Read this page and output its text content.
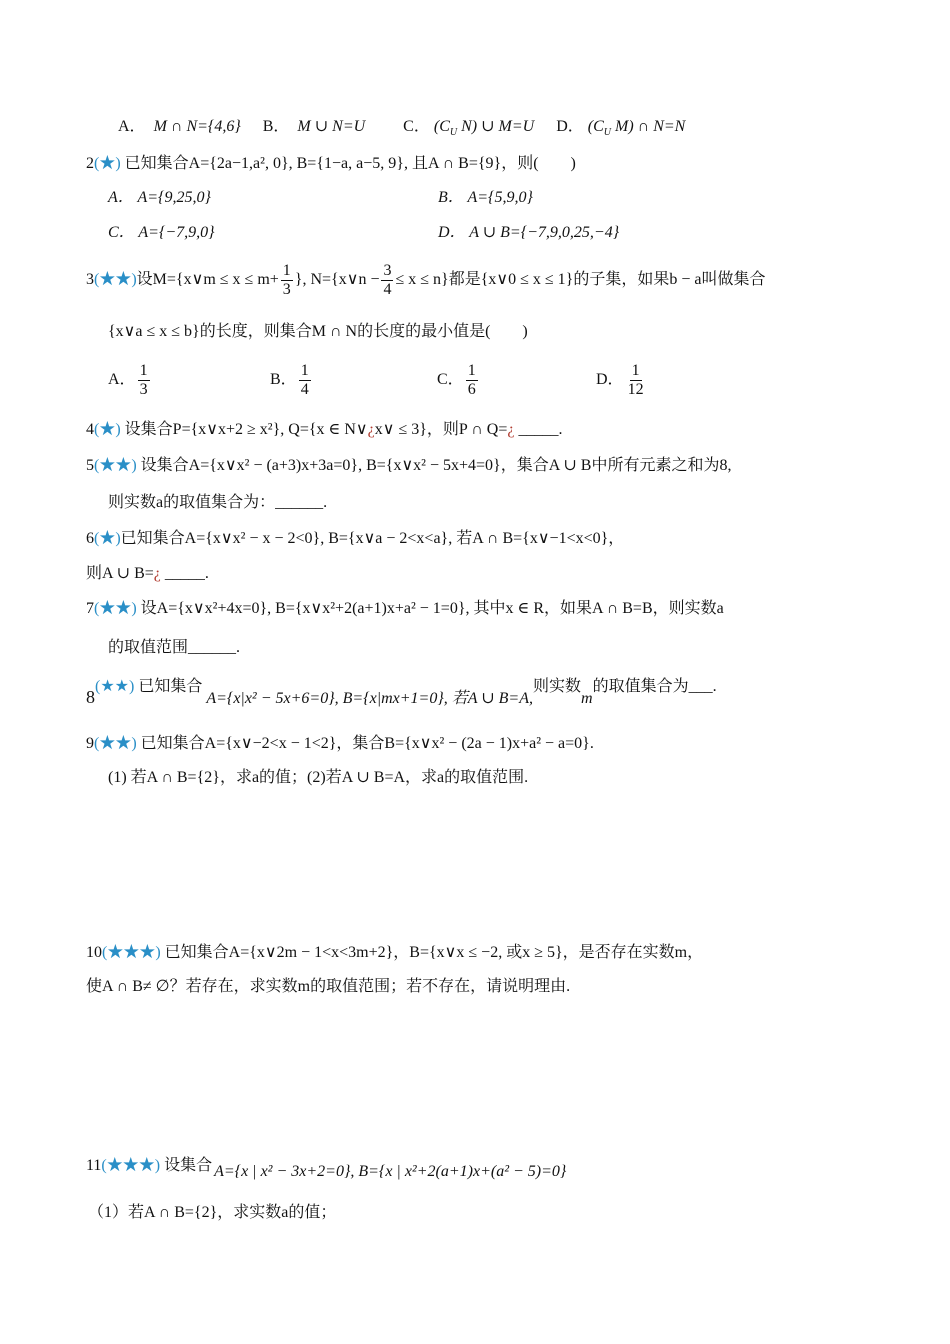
A． M ∩ N={4,6} B． M ∪ N=U C． ($C_U$ N) ∪ M=U D． ($C_U$ M) ∩ N=N
2(★) 已知集合A={2a−1,a², 0}, B={1−a, a−5, 9}, 且A ∩ B={9}，则(　　)
A． A={9,25,0}	B． A={5,9,0}
C． A={−7,9,0}	D． A ∪ B={−7,9,0,25,−4}
3(★★)设M={x∨m ≤ $x \le m+ \frac{1}{3}$ }, N={x∨n − $\frac{3}{4} \le x \le n$}都是{x∨0 ≤ x ≤ 1}的子集，如果b − a叫做集合
{x∨a ≤ x ≤ b}的长度，则集合M ∩ N的长度的最小值是(　　)
A． $\frac{1}{3}$	B． $\frac{1}{4}$	C． $\frac{1}{6}$	D． $\frac{1}{12}$
4(★) 设集合P={x∨x+2 ≥ x²}, Q={x ∈ N∨¿x∨ ≤ 3}，则P ∩ Q=¿ _____.
5(★★) 设集合A={x∨x² − (a+3)x+3a=0}, B={x∨x² − 5x+4=0}，集合A ∪ B中所有元素之和为8,
则实数a的取值集合为：______.
6(★)已知集合A={x∨x² − x − 2<0}, B={x∨a − 2<x<a}, 若A ∩ B={x∨−1<x<0}，
则A ∪ B=¿ _____.
7(★★) 设A={x∨x²+4x=0}, B={x∨x²+2(a+1)x+a² − 1=0}, 其中x ∈ R，如果A ∩ B=B，则实数a
的取值范围______.
8(★★) 已知集合A={x|x² − 5x+6=0}, B={x|mx+1=0}, 若A ∪ B=A,则实数m的取值集合为___.
9(★★) 已知集合A={x∨−2<x − 1<2}，集合B={x∨x² − (2a − 1)x+a² − a=0}.
(1) 若A ∩ B={2}，求a的值；(2)若A ∪ B=A，求a的取值范围.
10(★★★) 已知集合A={x∨2m − 1<x<3m+2}，B={x∨x ≤ −2, 或x ≥ 5}，是否存在实数m，
使A ∩ B≠ ∅？若存在，求实数m的取值范围；若不存在，请说明理由.
11(★★★) 设集合 A={x | x² − 3x+2=0}, B={x | x²+2(a+1)x+(a² − 5)=0}
（1）若A ∩ B={2}，求实数a的值；
